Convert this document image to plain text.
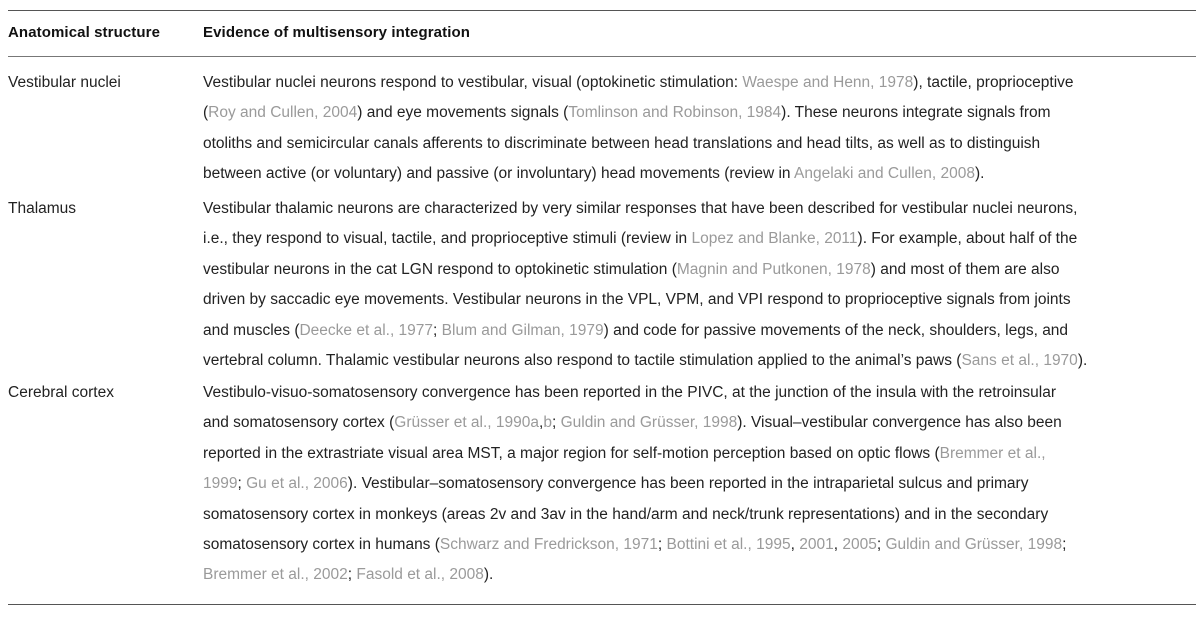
Anatomical structure	Evidence of multisensory integration
Vestibular nuclei	Vestibular nuclei neurons respond to vestibular, visual (optokinetic stimulation: Waespe and Henn, 1978), tactile, proprioceptive
(Roy and Cullen, 2004) and eye movements signals (Tomlinson and Robinson, 1984). These neurons integrate signals from
otoliths and semicircular canals afferents to discriminate between head translations and head tilts, as well as to distinguish
between active (or voluntary) and passive (or involuntary) head movements (review in Angelaki and Cullen, 2008).
Thalamus	Vestibular thalamic neurons are characterized by very similar responses that have been described for vestibular nuclei neurons,
i.e., they respond to visual, tactile, and proprioceptive stimuli (review in Lopez and Blanke, 2011). For example, about half of the
vestibular neurons in the cat LGN respond to optokinetic stimulation (Magnin and Putkonen, 1978) and most of them are also
driven by saccadic eye movements. Vestibular neurons in the VPL, VPM, and VPI respond to proprioceptive signals from joints
and muscles (Deecke et al., 1977; Blum and Gilman, 1979) and code for passive movements of the neck, shoulders, legs, and
vertebral column. Thalamic vestibular neurons also respond to tactile stimulation applied to the animal’s paws (Sans et al., 1970).
Cerebral cortex	Vestibulo-visuo-somatosensory convergence has been reported in the PIVC, at the junction of the insula with the retroinsular
and somatosensory cortex (Grüsser et al., 1990a,b; Guldin and Grüsser, 1998). Visual–vestibular convergence has also been
reported in the extrastriate visual area MST, a major region for self-motion perception based on optic flows (Bremmer et al.,
1999; Gu et al., 2006). Vestibular–somatosensory convergence has been reported in the intraparietal sulcus and primary
somatosensory cortex in monkeys (areas 2v and 3av in the hand/arm and neck/trunk representations) and in the secondary
somatosensory cortex in humans (Schwarz and Fredrickson, 1971; Bottini et al., 1995, 2001, 2005; Guldin and Grüsser, 1998;
Bremmer et al., 2002; Fasold et al., 2008).
